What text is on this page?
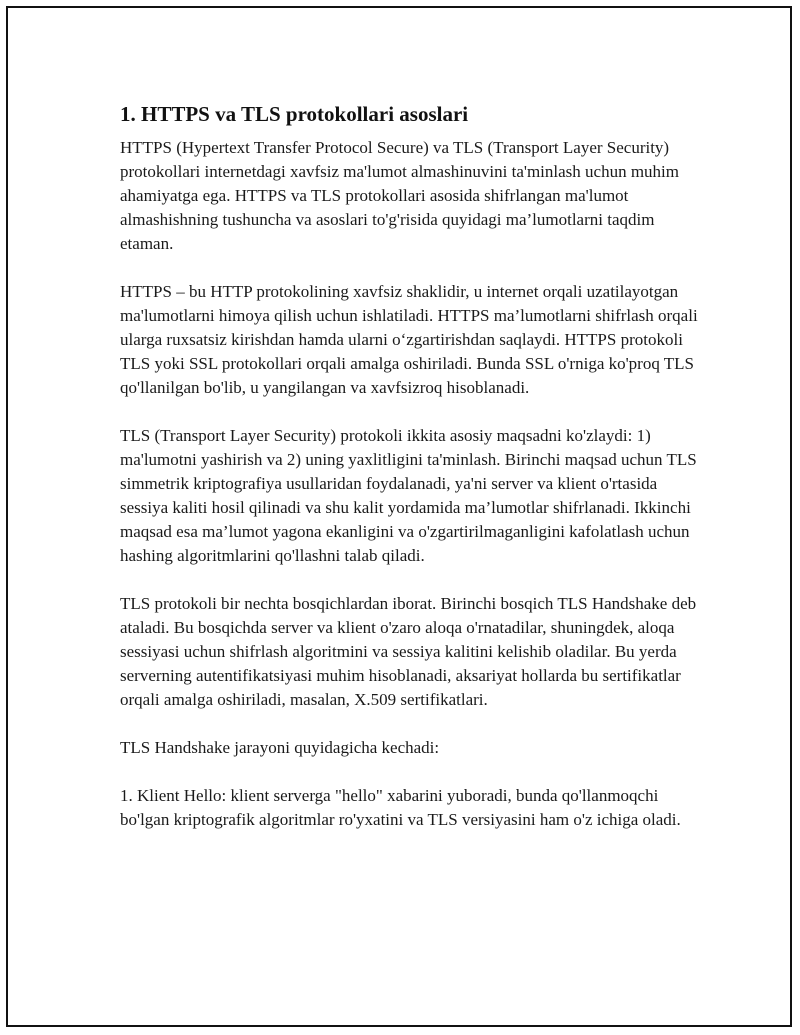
1. HTTPS va TLS protokollari asoslari

HTTPS (Hypertext Transfer Protocol Secure) va TLS (Transport Layer Security) protokollari internetdagi xavfsiz ma'lumot almashinuvini ta'minlash uchun muhim ahamiyatga ega. HTTPS va TLS protokollari asosida shifrlangan ma'lumot almashishning tushuncha va asoslari to'g'risida quyidagi ma’lumotlarni taqdim etaman.

HTTPS – bu HTTP protokolining xavfsiz shaklidir, u internet orqali uzatilayotgan ma'lumotlarni himoya qilish uchun ishlatiladi. HTTPS ma’lumotlarni shifrlash orqali ularga ruxsatsiz kirishdan hamda ularni o‘zgartirishdan saqlaydi. HTTPS protokoli TLS yoki SSL protokollari orqali amalga oshiriladi. Bunda SSL o'rniga ko'proq TLS qo'llanilgan bo'lib, u yangilangan va xavfsizroq hisoblanadi.

TLS (Transport Layer Security) protokoli ikkita asosiy maqsadni ko'zlaydi: 1) ma'lumotni yashirish va 2) uning yaxlitligini ta'minlash. Birinchi maqsad uchun TLS simmetrik kriptografiya usullaridan foydalanadi, ya'ni server va klient o'rtasida sessiya kaliti hosil qilinadi va shu kalit yordamida ma’lumotlar shifrlanadi. Ikkinchi maqsad esa ma’lumot yagona ekanligini va o'zgartirilmaganligini kafolatlash uchun hashing algoritmlarini qo'llashni talab qiladi.

TLS protokoli bir nechta bosqichlardan iborat. Birinchi bosqich TLS Handshake deb ataladi. Bu bosqichda server va klient o'zaro aloqa o'rnatadilar, shuningdek, aloqa sessiyasi uchun shifrlash algoritmini va sessiya kalitini kelishib oladilar. Bu yerda serverning autentifikatsiyasi muhim hisoblanadi, aksariyat hollarda bu sertifikatlar orqali amalga oshiriladi, masalan, X.509 sertifikatlari.

TLS Handshake jarayoni quyidagicha kechadi:

1. Klient Hello: klient serverga "hello" xabarini yuboradi, bunda qo'llanmoqchi bo'lgan kriptografik algoritmlar ro'yxatini va TLS versiyasini ham o'z ichiga oladi.
